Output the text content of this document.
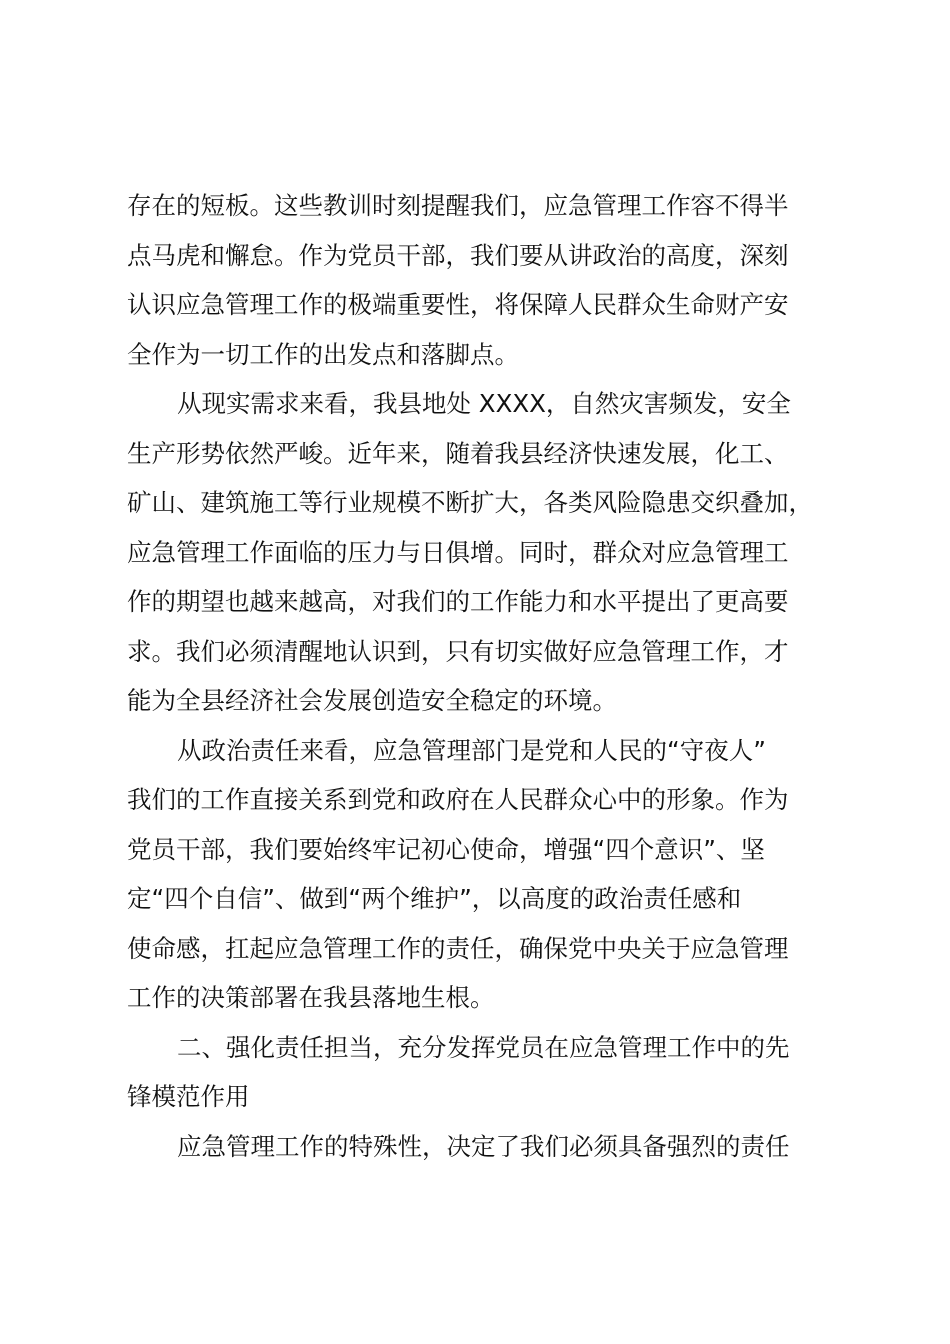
存在的短板。这些教训时刻提醒我们，应急管理工作容不得半
点马虎和懈怠。作为党员干部，我们要从讲政治的高度，深刻
认识应急管理工作的极端重要性，将保障人民群众生命财产安
全作为一切工作的出发点和落脚点。
从现实需求来看，我县地处 XXXX，自然灾害频发，安全
生产形势依然严峻。近年来，随着我县经济快速发展，化工、
矿山、建筑施工等行业规模不断扩大，各类风险隐患交织叠加，
应急管理工作面临的压力与日俱增。同时，群众对应急管理工
作的期望也越来越高，对我们的工作能力和水平提出了更高要
求。我们必须清醒地认识到，只有切实做好应急管理工作，才
能为全县经济社会发展创造安全稳定的环境。
从政治责任来看，应急管理部门是党和人民的“守夜人”
我们的工作直接关系到党和政府在人民群众心中的形象。作为
党员干部，我们要始终牢记初心使命，增强“四个意识”、坚
定“四个自信”、做到“两个维护”，以高度的政治责任感和
使命感，扛起应急管理工作的责任，确保党中央关于应急管理
工作的决策部署在我县落地生根。
二、强化责任担当，充分发挥党员在应急管理工作中的先
锋模范作用
应急管理工作的特殊性，决定了我们必须具备强烈的责任
